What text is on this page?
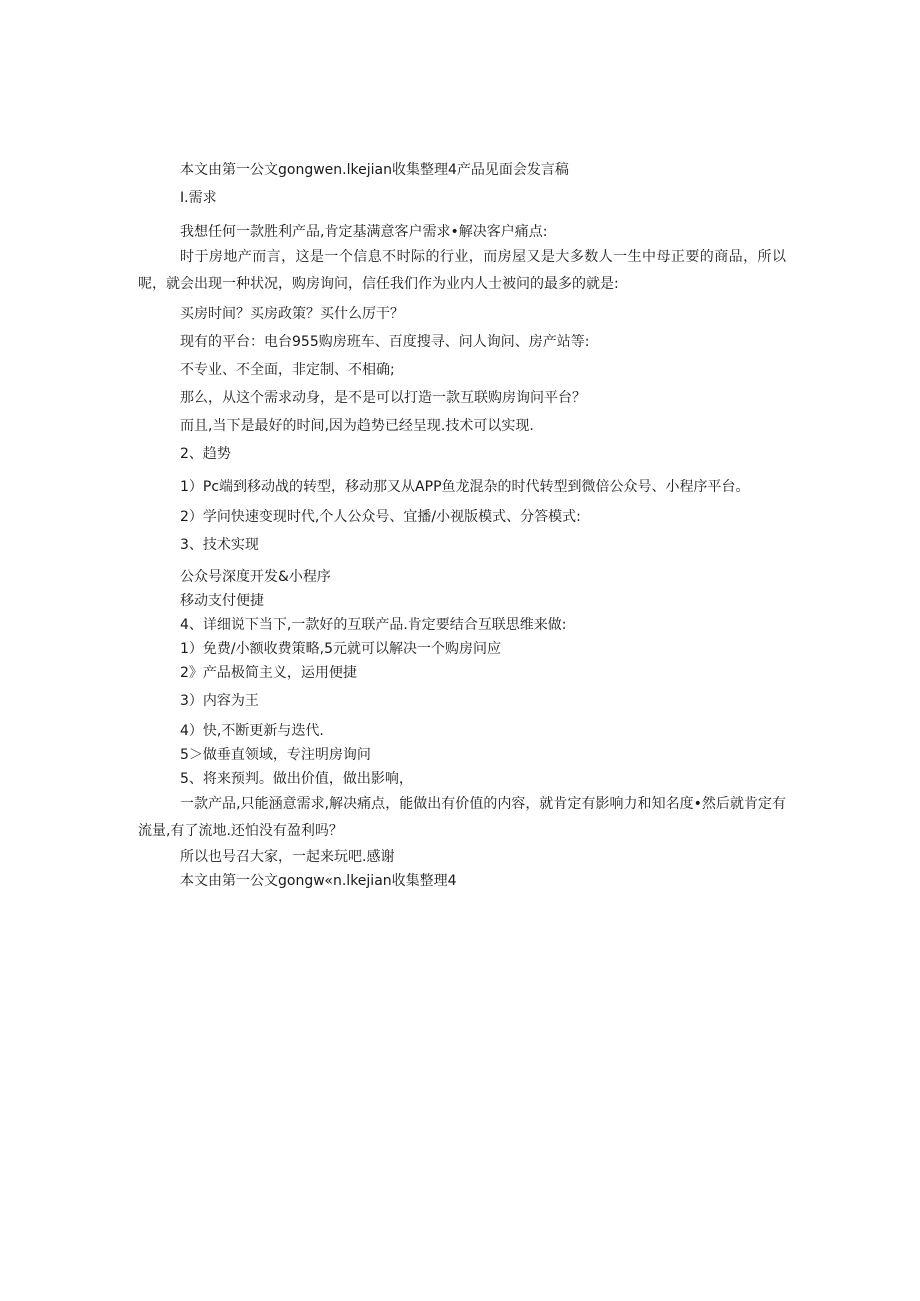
本文由第一公文gongwen.lkejian收集整理4产品见面会发言稿
I.需求
我想任何一款胜利产品,肯定基满意客户需求•解决客户痛点:
时于房地产而言，这是一个信息不时际的行业，而房屋又是大多数人一生中母正要的商品，所以呢，就会出现一种状况，购房询问，信任我们作为业内人士被问的最多的就是:
买房时间？买房政策？买什么厉干？
现有的平台：电台955购房班车、百度搜寻、问人询问、房产站等:
不专业、不全面，非定制、不相确;
那么，从这个需求动身，是不是可以打造一款互联购房询问平台？
而且,当下是最好的时间,因为趋势已经呈现.技术可以实现.
2、趋势
1）Pc端到移动战的转型，移动那又从APP鱼龙混杂的时代转型到微倍公众号、小程序平台。
2）学问快速变现时代,个人公众号、宜播/小视版模式、分答模式:
3、技术实现
公众号深度开发&小程序
移动支付便捷
4、详细说下当下,一款好的互联产品.肯定要结合互联思维来做:
1）免费/小额收费策略,5元就可以解决一个购房问应
2》产品极简主义，运用便捷
3）内容为王
4）快,不断更新与迭代.
5＞做垂直领域，专注明房询问
5、将来预判。做出价值，做出影响，
一款产品,只能涵意需求,解决痛点，能做出有价值的内容，就肯定有影响力和知名度•然后就肯定有流量,有了流地.还怕没有盈利吗？
所以也号召大家，一起来玩吧.感谢
本文由第一公文gongw«n.lkejian收集整理4
